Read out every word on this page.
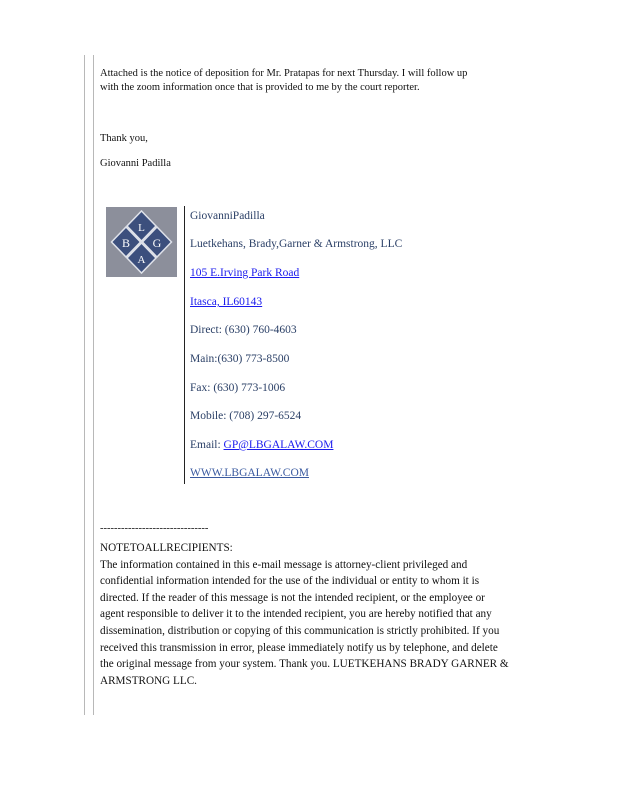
Attached is the notice of deposition for Mr. Pratapas for next Thursday. I will follow up
with the zoom information once that is provided to me by the court reporter.
Thank you,
Giovanni Padilla
L
B G
A
GiovanniPadilla
Luetkehans, Brady,Garner & Armstrong, LLC
105 E.Irving Park Road
Itasca, IL60143
Direct: (630) 760-4603
Main:(630) 773-8500
Fax: (630) 773-1006
Mobile: (708) 297-6524
Email: GP@LBGALAW.COM
WWW.LBGALAW.COM
-------------------------------
NOTETOALLRECIPIENTS:
The information contained in this e-mail message is attorney-client privileged and
confidential information intended for the use of the individual or entity to whom it is
directed. If the reader of this message is not the intended recipient, or the employee or
agent responsible to deliver it to the intended recipient, you are hereby notified that any
dissemination, distribution or copying of this communication is strictly prohibited. If you
received this transmission in error, please immediately notify us by telephone, and delete
the original message from your system. Thank you. LUETKEHANS BRADY GARNER &
ARMSTRONG LLC.
